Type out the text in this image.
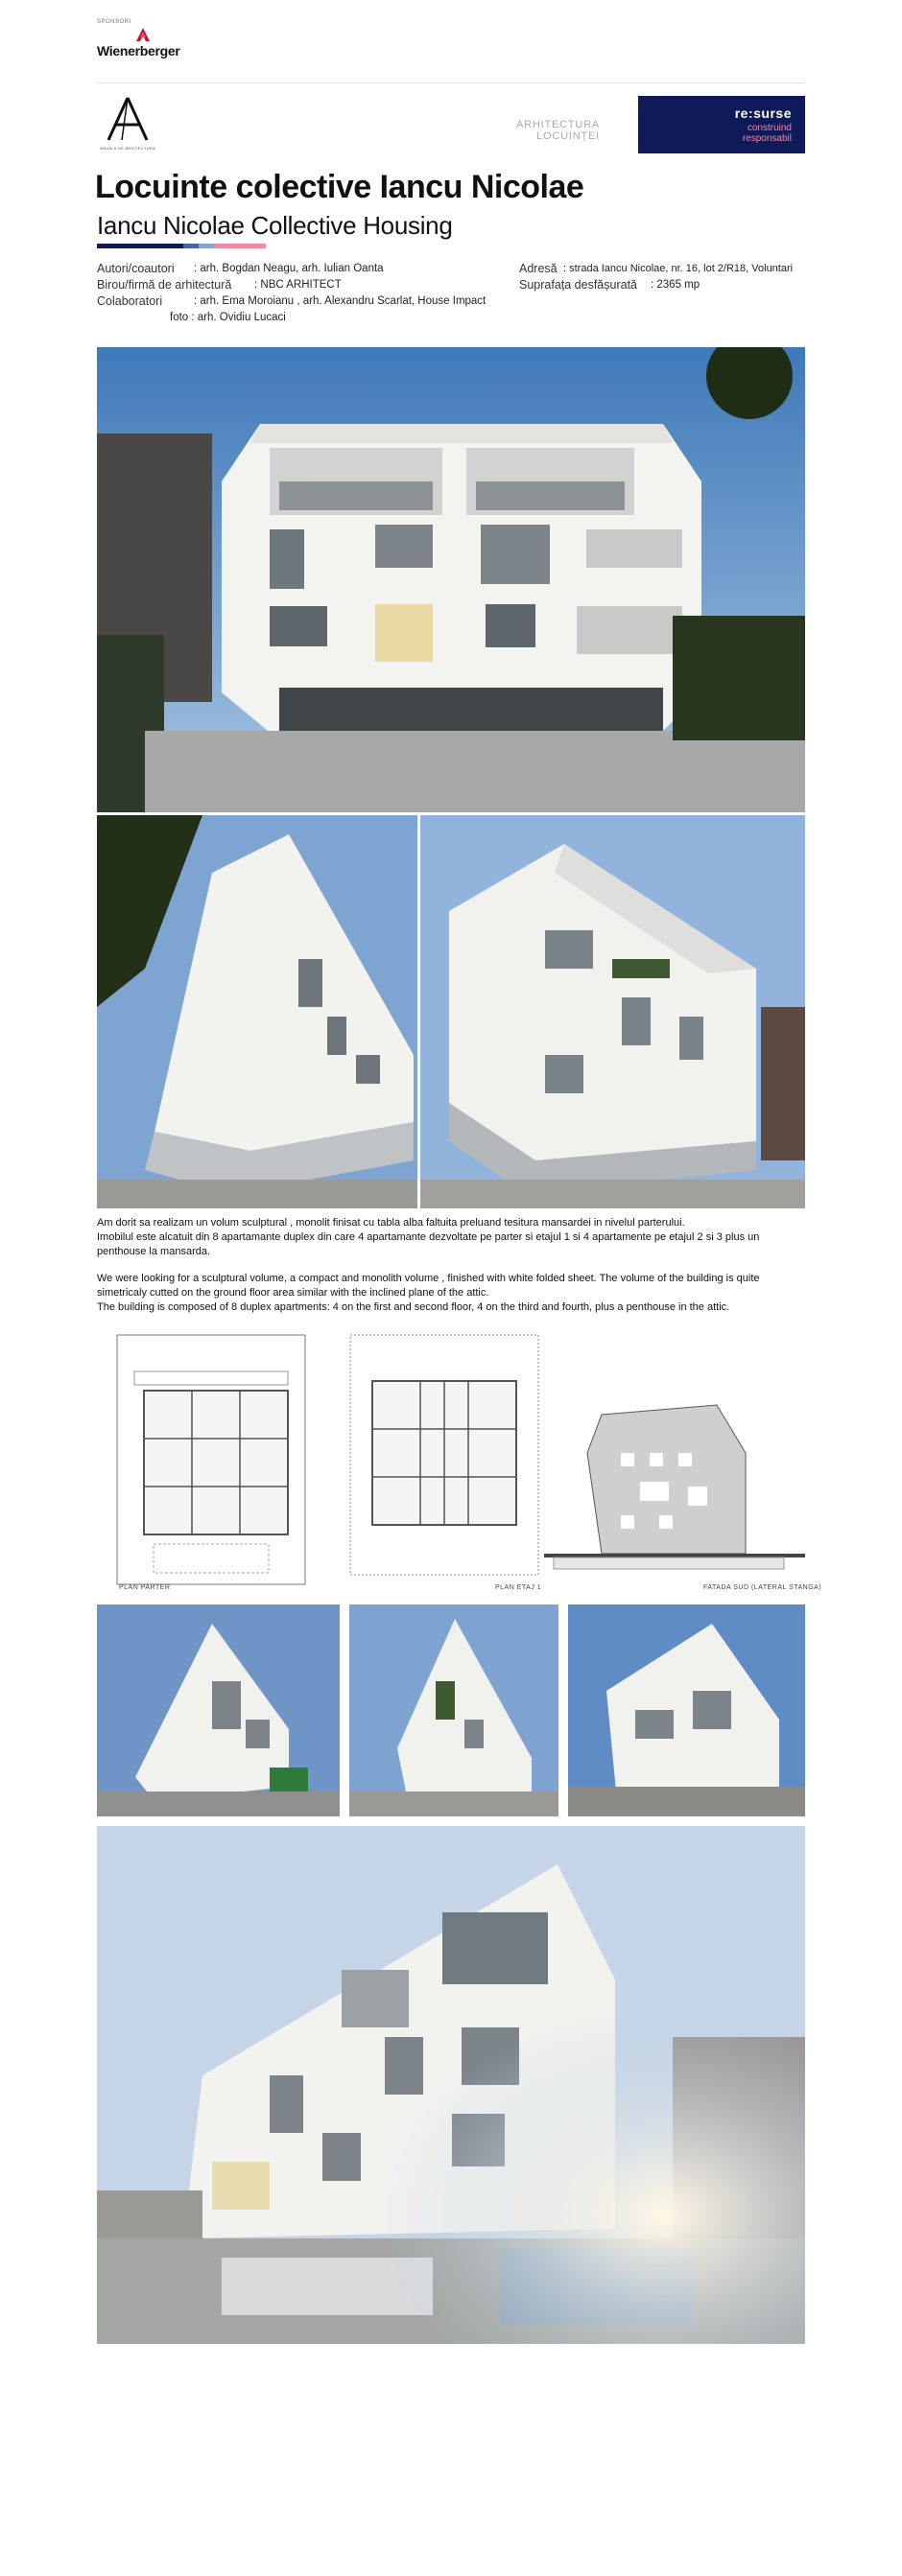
SPONSORI
Wienerberger
ANUALA DE ARHITECTURA
ARHITECTURA LOCUINȚEI
re:surse
construind
responsabil
Locuinte colective Iancu Nicolae
Iancu Nicolae Collective Housing
Autori/coautori : arh. Bogdan Neagu, arh. Iulian Oanta
Birou/firmă de arhitectură : NBC ARHITECT
Colaboratori	: arh. Ema Moroianu , arh. Alexandru Scarlat, House Impact
foto : arh. Ovidiu Lucaci
Adresă : strada Iancu Nicolae, nr. 16, lot 2/R18, Voluntari
Suprafața desfășurată : 2365 mp

Am dorit sa realizam un volum sculptural , monolit finisat cu tabla alba faltuita preluand tesitura mansardei in nivelul parterului.

Imobilul este alcatuit din 8 apartamante duplex din care 4 apartamante dezvoltate pe parter si etajul 1 si 4 apartamente pe etajul 2 si 3 plus un penthouse la mansarda.

We were looking for a sculptural volume, a compact and monolith volume , finished with white folded sheet. The volume of the building is quite simetricaly cutted on the ground floor area similar with the inclined plane of the attic.

The building is composed of 8 duplex apartments: 4 on the first and second floor, 4 on the third and fourth, plus a penthouse in the attic.

PLAN PARTER	PLAN ETAJ 1	FATADA SUD (LATERAL STANGA)
